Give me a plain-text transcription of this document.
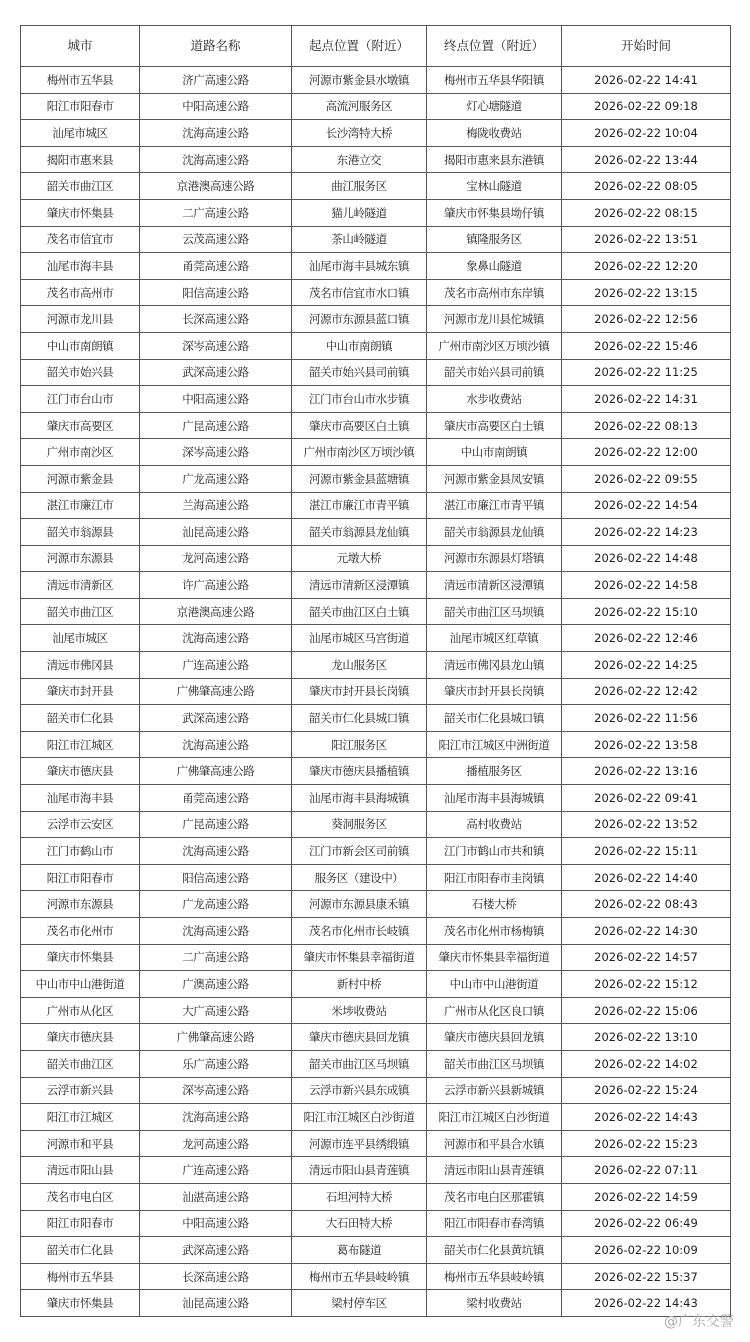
城市	道路名称	起点位置（附近）	终点位置（附近）	开始时间
梅州市五华县	济广高速公路	河源市紫金县水墩镇	梅州市五华县华阳镇	2026-02-22 14:41
阳江市阳春市	中阳高速公路	高流河服务区	灯心塘隧道	2026-02-22 09:18
汕尾市城区	沈海高速公路	长沙湾特大桥	梅陇收费站	2026-02-22 10:04
揭阳市惠来县	沈海高速公路	东港立交	揭阳市惠来县东港镇	2026-02-22 13:44
韶关市曲江区	京港澳高速公路	曲江服务区	宝林山隧道	2026-02-22 08:05
肇庆市怀集县	二广高速公路	猫儿岭隧道	肇庆市怀集县坳仔镇	2026-02-22 08:15
茂名市信宜市	云茂高速公路	茶山岭隧道	镇隆服务区	2026-02-22 13:51
汕尾市海丰县	甬莞高速公路	汕尾市海丰县城东镇	象鼻山隧道	2026-02-22 12:20
茂名市高州市	阳信高速公路	茂名市信宜市水口镇	茂名市高州市东岸镇	2026-02-22 13:15
河源市龙川县	长深高速公路	河源市东源县蓝口镇	河源市龙川县佗城镇	2026-02-22 12:56
中山市南朗镇	深岑高速公路	中山市南朗镇	广州市南沙区万顷沙镇	2026-02-22 15:46
韶关市始兴县	武深高速公路	韶关市始兴县司前镇	韶关市始兴县司前镇	2026-02-22 11:25
江门市台山市	中阳高速公路	江门市台山市水步镇	水步收费站	2026-02-22 14:31
肇庆市高要区	广昆高速公路	肇庆市高要区白土镇	肇庆市高要区白土镇	2026-02-22 08:13
广州市南沙区	深岑高速公路	广州市南沙区万顷沙镇	中山市南朗镇	2026-02-22 12:00
河源市紫金县	广龙高速公路	河源市紫金县蓝塘镇	河源市紫金县凤安镇	2026-02-22 09:55
湛江市廉江市	兰海高速公路	湛江市廉江市青平镇	湛江市廉江市青平镇	2026-02-22 14:54
韶关市翁源县	汕昆高速公路	韶关市翁源县龙仙镇	韶关市翁源县龙仙镇	2026-02-22 14:23
河源市东源县	龙河高速公路	元墩大桥	河源市东源县灯塔镇	2026-02-22 14:48
清远市清新区	许广高速公路	清远市清新区浸潭镇	清远市清新区浸潭镇	2026-02-22 14:58
韶关市曲江区	京港澳高速公路	韶关市曲江区白土镇	韶关市曲江区马坝镇	2026-02-22 15:10
汕尾市城区	沈海高速公路	汕尾市城区马宫街道	汕尾市城区红草镇	2026-02-22 12:46
清远市佛冈县	广连高速公路	龙山服务区	清远市佛冈县龙山镇	2026-02-22 14:25
肇庆市封开县	广佛肇高速公路	肇庆市封开县长岗镇	肇庆市封开县长岗镇	2026-02-22 12:42
韶关市仁化县	武深高速公路	韶关市仁化县城口镇	韶关市仁化县城口镇	2026-02-22 11:56
阳江市江城区	沈海高速公路	阳江服务区	阳江市江城区中洲街道	2026-02-22 13:58
肇庆市德庆县	广佛肇高速公路	肇庆市德庆县播植镇	播植服务区	2026-02-22 13:16
汕尾市海丰县	甬莞高速公路	汕尾市海丰县海城镇	汕尾市海丰县海城镇	2026-02-22 09:41
云浮市云安区	广昆高速公路	葵洞服务区	高村收费站	2026-02-22 13:52
江门市鹤山市	沈海高速公路	江门市新会区司前镇	江门市鹤山市共和镇	2026-02-22 15:11
阳江市阳春市	阳信高速公路	服务区（建设中）	阳江市阳春市圭岗镇	2026-02-22 14:40
河源市东源县	广龙高速公路	河源市东源县康禾镇	石楼大桥	2026-02-22 08:43
茂名市化州市	沈海高速公路	茂名市化州市长岐镇	茂名市化州市杨梅镇	2026-02-22 14:30
肇庆市怀集县	二广高速公路	肇庆市怀集县幸福街道	肇庆市怀集县幸福街道	2026-02-22 14:57
中山市中山港街道	广澳高速公路	新村中桥	中山市中山港街道	2026-02-22 15:12
广州市从化区	大广高速公路	米埗收费站	广州市从化区良口镇	2026-02-22 15:06
肇庆市德庆县	广佛肇高速公路	肇庆市德庆县回龙镇	肇庆市德庆县回龙镇	2026-02-22 13:10
韶关市曲江区	乐广高速公路	韶关市曲江区马坝镇	韶关市曲江区马坝镇	2026-02-22 14:02
云浮市新兴县	深岑高速公路	云浮市新兴县东成镇	云浮市新兴县新城镇	2026-02-22 15:24
阳江市江城区	沈海高速公路	阳江市江城区白沙街道	阳江市江城区白沙街道	2026-02-22 14:43
河源市和平县	龙河高速公路	河源市连平县绣缎镇	河源市和平县合水镇	2026-02-22 15:23
清远市阳山县	广连高速公路	清远市阳山县青莲镇	清远市阳山县青莲镇	2026-02-22 07:11
茂名市电白区	汕湛高速公路	石坦河特大桥	茂名市电白区那霍镇	2026-02-22 14:59
阳江市阳春市	中阳高速公路	大石田特大桥	阳江市阳春市春湾镇	2026-02-22 06:49
韶关市仁化县	武深高速公路	葛布隧道	韶关市仁化县黄坑镇	2026-02-22 10:09
梅州市五华县	长深高速公路	梅州市五华县岐岭镇	梅州市五华县岐岭镇	2026-02-22 15:37
肇庆市怀集县	汕昆高速公路	梁村停车区	梁村收费站	2026-02-22 14:43
@广东交警
